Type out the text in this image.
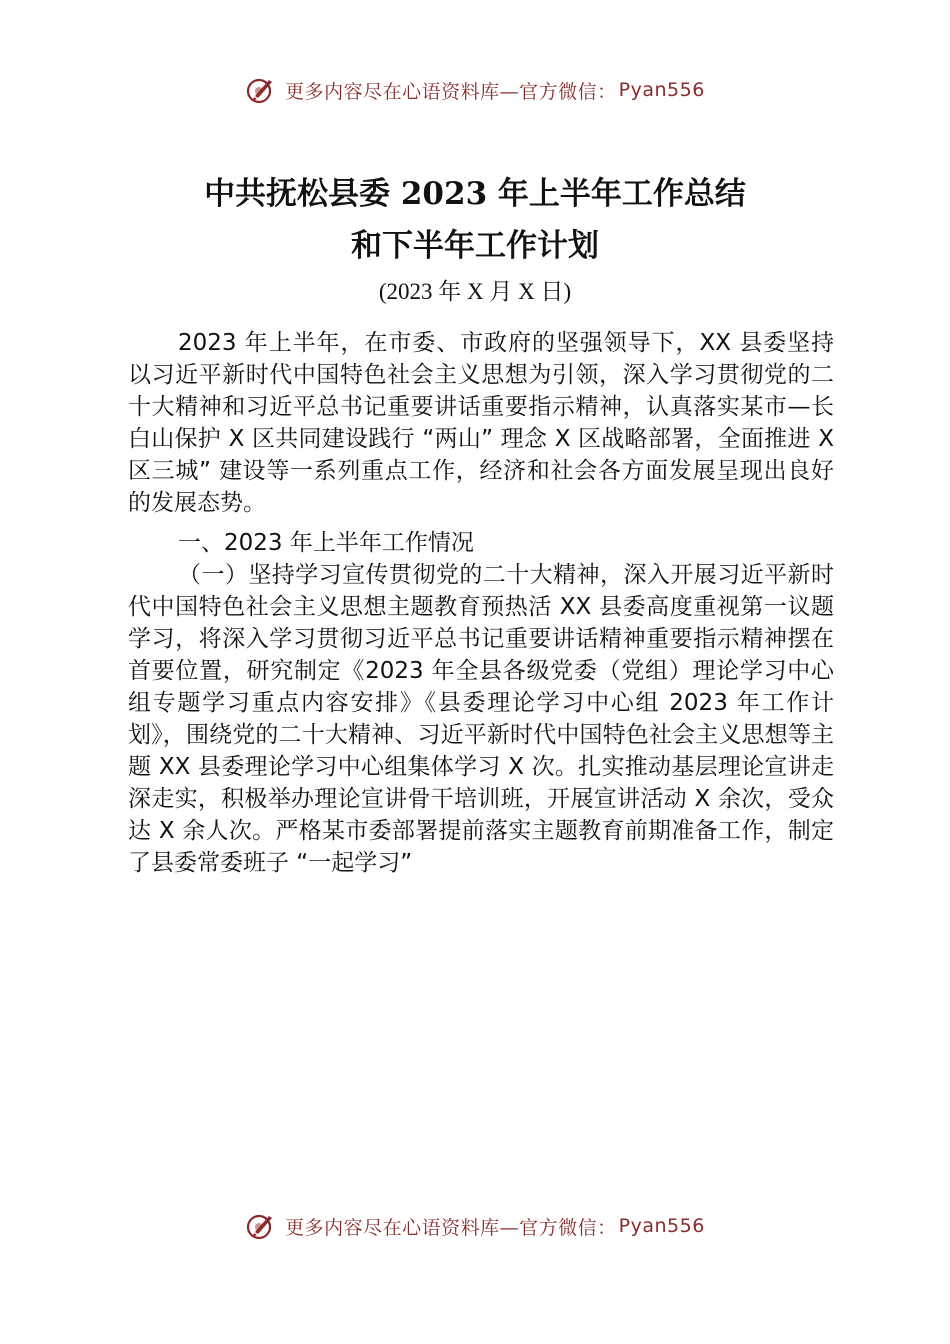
更多内容尽在心语资料库—官方微信： Pyan556
中共抚松县委 2023 年上半年工作总结
和下半年工作计划
(2023 年 X 月 X 日)

2023 年上半年，在市委、市政府的坚强领导下，XX 县委坚持以习近平新时代中国特色社会主义思想为引领，深入学习贯彻党的二十大精神和习近平总书记重要讲话重要指示精神，认真落实某市—长白山保护 X 区共同建设践行 “两山” 理念 X 区战略部署，全面推进 X 区三城” 建设等一系列重点工作，经济和社会各方面发展呈现出良好的发展态势。

一、2023 年上半年工作情况

（一）坚持学习宣传贯彻党的二十大精神，深入开展习近平新时代中国特色社会主义思想主题教育预热活 XX 县委高度重视第一议题学习，将深入学习贯彻习近平总书记重要讲话精神重要指示精神摆在首要位置，研究制定《2023 年全县各级党委（党组）理论学习中心组专题学习重点内容安排》《县委理论学习中心组 2023 年工作计划》，围绕党的二十大精神、习近平新时代中国特色社会主义思想等主 题 XX 县委理论学习中心组集体学习 X 次。扎实推动基层理论宣讲走深走实，积极举办理论宣讲骨干培训班，开展宣讲活动 X 余次，受众达 X 余人次。严格某市委部署提前落实主题教育前期准备工作，制定了县委常委班子 “一起学习”

更多内容尽在心语资料库—官方微信： Pyan556
